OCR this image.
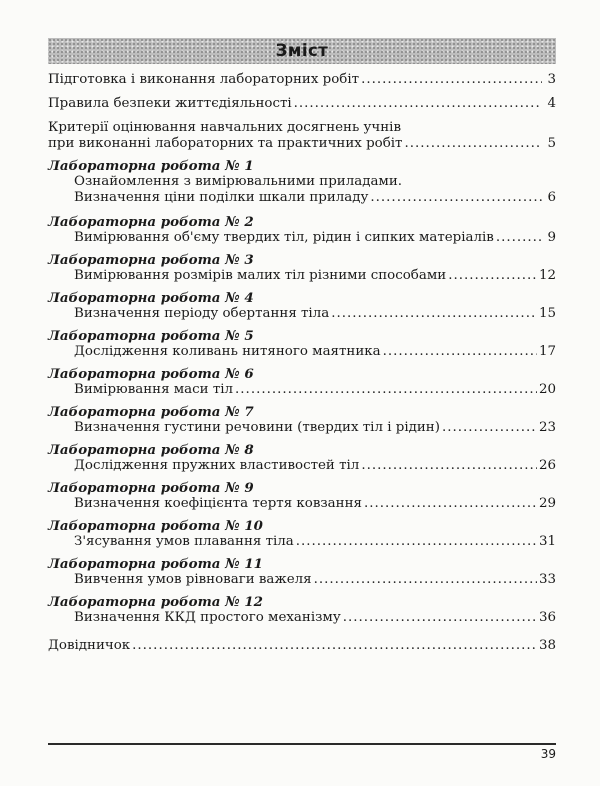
Зміст
Підготовка і виконання лабораторних робіт .....	3
Правила безпеки життєдіяльності .....	4
Критерії оцінювання навчальних досягнень учнів
при виконанні лабораторних та практичних робіт .....	5
Лабораторна робота № 1
Ознайомлення з вимірювальними приладами.
Визначення ціни поділки шкали приладу .....	6
Лабораторна робота № 2
Вимірювання об'єму твердих тіл, рідин і сипких матеріалів .....	9
Лабораторна робота № 3
Вимірювання розмірів малих тіл різними способами .....	12
Лабораторна робота № 4
Визначення періоду обертання тіла .....	15
Лабораторна робота № 5
Дослідження коливань нитяного маятника .....	17
Лабораторна робота № 6
Вимірювання маси тіл .....	20
Лабораторна робота № 7
Визначення густини речовини (твердих тіл і рідин) .....	23
Лабораторна робота № 8
Дослідження пружних властивостей тіл .....	26
Лабораторна робота № 9
Визначення коефіцієнта тертя ковзання .....	29
Лабораторна робота № 10
З'ясування умов плавання тіла .....	31
Лабораторна робота № 11
Вивчення умов рівноваги важеля .....	33
Лабораторна робота № 12
Визначення ККД простого механізму .....	36
Довідничок .....	38
39
